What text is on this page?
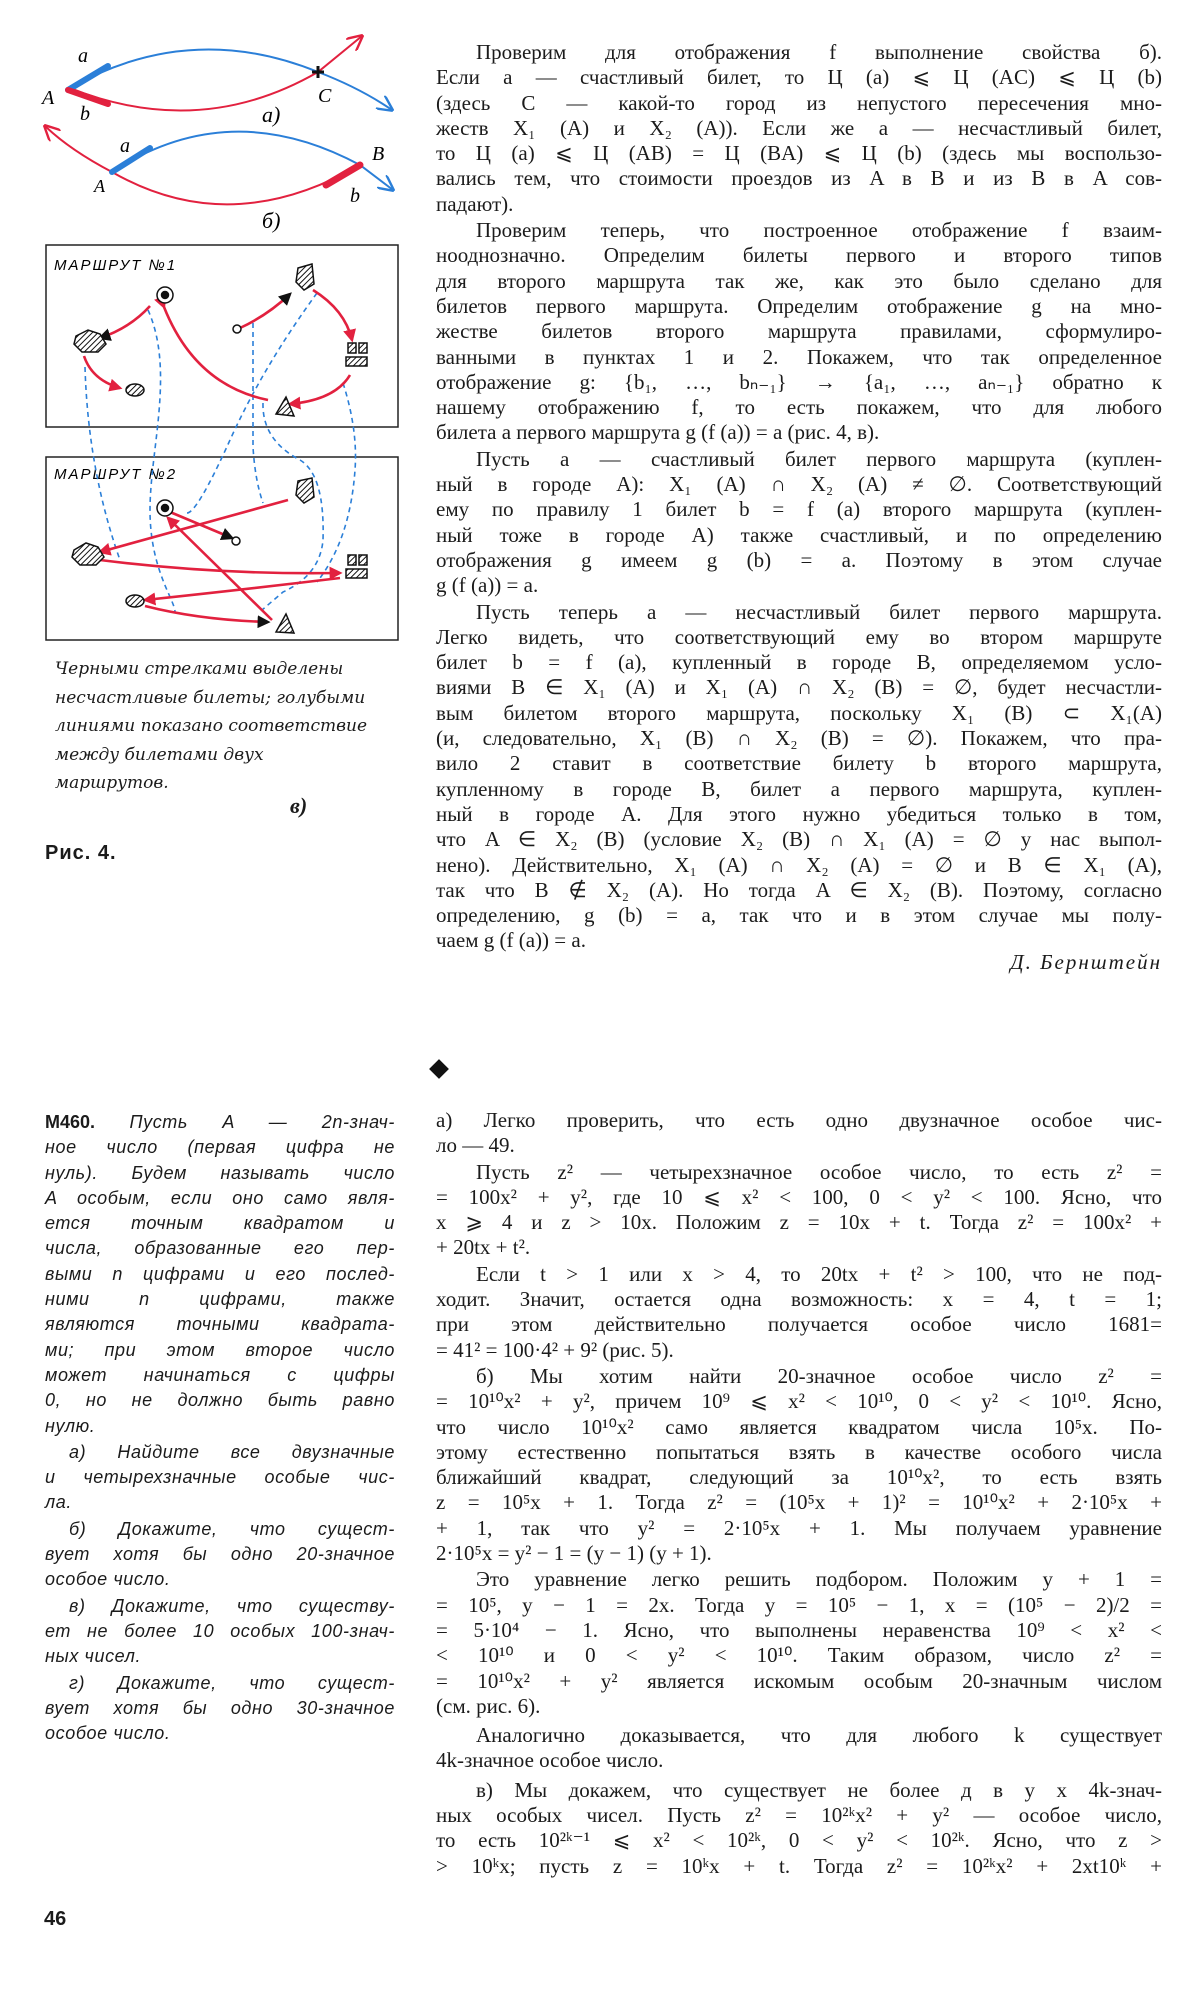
a
b
A	C
а)
a
b
A
B
б)
МАРШРУТ №1
МАРШРУТ №2
Черными стрелками выделены
несчастливые билеты; голубыми
линиями показано соответствие
между билетами двух
маршрутов.
в)
Рис. 4.
Проверим для отображения f выполнение свойства б).
Если a — счастливый билет, то Ц (a) ⩽ Ц (AC) ⩽ Ц (b)
(здесь C — какой-то город из непустого пересечения мно-
жеств X₁ (A) и X₂ (A)). Если же a — несчастливый билет,
то Ц (a) ⩽ Ц (AB) = Ц (BA) ⩽ Ц (b) (здесь мы воспользо-
вались тем, что стоимости проездов из A в B и из B в A сов-
падают).
Проверим теперь, что построенное отображение f взаим-
нооднозначно. Определим билеты первого и второго типов
для второго маршрута так же, как это было сделано для
билетов первого маршрута. Определим отображение g на мно-
жестве билетов второго маршрута правилами, сформулиро-
ванными в пунктах 1 и 2. Покажем, что так определенное
отображение g: {b₁, …, bₙ₋₁} → {a₁, …, aₙ₋₁} обратно к
нашему отображению f, то есть покажем, что для любого
билета a первого маршрута g (f (a)) = a (рис. 4, в).
Пусть a — счастливый билет первого маршрута (куплен-
ный в городе A): X₁ (A) ∩ X₂ (A) ≠ ∅. Соответствующий
ему по правилу 1 билет b = f (a) второго маршрута (куплен-
ный тоже в городе A) также счастливый, и по определению
отображения g имеем g (b) = a. Поэтому в этом случае
g (f (a)) = a.
Пусть теперь a — несчастливый билет первого маршрута.
Легко видеть, что соответствующий ему во втором маршруте
билет b = f (a), купленный в городе B, определяемом усло-
виями B ∈ X₁ (A) и X₁ (A) ∩ X₂ (B) = ∅, будет несчастли-
вым билетом второго маршрута, поскольку X₁ (B) ⊂ X₁(A)
(и, следовательно, X₁ (B) ∩ X₂ (B) = ∅). Покажем, что пра-
вило 2 ставит в соответствие билету b второго маршрута,
купленному в городе B, билет a первого маршрута, куплен-
ный в городе A. Для этого нужно убедиться только в том,
что A ∈ X₂ (B) (условие X₂ (B) ∩ X₁ (A) = ∅ у нас выпол-
нено). Действительно, X₁ (A) ∩ X₂ (A) = ∅ и B ∈ X₁ (A),
так что B ∉ X₂ (A). Но тогда A ∈ X₂ (B). Поэтому, согласно
определению, g (b) = a, так что и в этом случае мы полу-
чаем g (f (a)) = a.
Д. Бернштейн
М460. Пусть A — 2n-знач-
ное число (первая цифра не
нуль). Будем называть число
A особым, если оно само явля-
ется точным квадратом и
числа, образованные его пер-
выми n цифрами и его послед-
ними n цифрами, также
являются точными квадрата-
ми; при этом второе число
может начинаться с цифры
0, но не должно быть равно
нулю.
а) Найдите все двузначные
и четырехзначные особые чис-
ла.
б) Докажите, что сущест-
вует хотя бы одно 20-значное
особое число.
в) Докажите, что существу-
ет не более 10 особых 100-знач-
ных чисел.
г) Докажите, что сущест-
вует хотя бы одно 30-значное
особое число.
а) Легко проверить, что есть одно двузначное особое чис-
ло — 49.
Пусть z² — четырехзначное особое число, то есть z² =
= 100x² + y², где 10 ⩽ x² < 100, 0 < y² < 100. Ясно, что
x ⩾ 4 и z > 10x. Положим z = 10x + t. Тогда z² = 100x² +
+ 20tx + t².
Если t > 1 или x > 4, то 20tx + t² > 100, что не под-
ходит. Значит, остается одна возможность: x = 4, t = 1;
при этом действительно получается особое число 1681=
= 41² = 100·4² + 9² (рис. 5).
б) Мы хотим найти 20-значное особое число z² =
= 10¹⁰x² + y², причем 10⁹ ⩽ x² < 10¹⁰, 0 < y² < 10¹⁰. Ясно,
что число 10¹⁰x² само является квадратом числа 10⁵x. По-
этому естественно попытаться взять в качестве особого числа
ближайший квадрат, следующий за 10¹⁰x², то есть взять
z = 10⁵x + 1. Тогда z² = (10⁵x + 1)² = 10¹⁰x² + 2·10⁵x +
+ 1, так что y² = 2·10⁵x + 1. Мы получаем уравнение
2·10⁵x = y² − 1 = (y − 1) (y + 1).
Это уравнение легко решить подбором. Положим y + 1 =
= 10⁵, y − 1 = 2x. Тогда y = 10⁵ − 1, x = (10⁵ − 2)/2 =
= 5·10⁴ − 1. Ясно, что выполнены неравенства 10⁹ < x² <
< 10¹⁰ и 0 < y² < 10¹⁰. Таким образом, число z² =
= 10¹⁰x² + y² является искомым особым 20-значным числом
(см. рис. 6).
Аналогично доказывается, что для любого k существует
4k-значное особое число.
в) Мы докажем, что существует не более д в у х 4k-знач-
ных особых чисел. Пусть z² = 10²ᵏx² + y² — особое число,
то есть 10²ᵏ⁻¹ ⩽ x² < 10²ᵏ, 0 < y² < 10²ᵏ. Ясно, что z >
> 10ᵏx; пусть z = 10ᵏx + t. Тогда z² = 10²ᵏx² + 2xt10ᵏ +
46
